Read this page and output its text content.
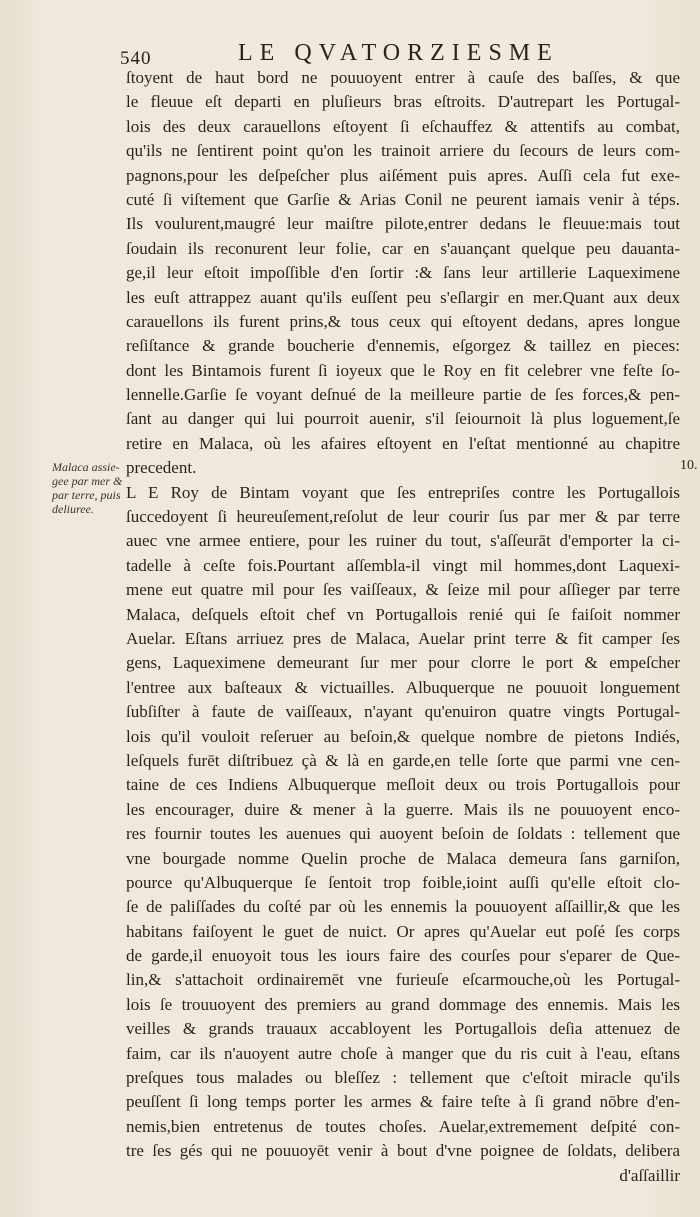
540	LE QVATORZIESME
Malaca assie-
gee par mer &
par terre, puis
deliuree.
10.
ſtoyent de haut bord ne pouuoyent entrer à cauſe des baſſes, & que
le fleuue eſt departi en pluſieurs bras eſtroits. D'autrepart les Portugal-
lois des deux carauellons eſtoyent ſi eſchauffez & attentifs au combat,
qu'ils ne ſentirent point qu'on les trainoit arriere du ſecours de leurs com-
pagnons,pour les deſpeſcher plus aiſément puis apres. Auſſi cela fut exe-
cuté ſi viſtement que Garſie & Arias Conil ne peurent iamais venir à téps.
Ils voulurent,maugré leur maiſtre pilote,entrer dedans le fleuue:mais tout
ſoudain ils reconurent leur folie, car en s'auançant quelque peu dauanta-
ge,il leur eſtoit impoſſible d'en ſortir :& ſans leur artillerie Laqueximene
les euſt attrappez auant qu'ils euſſent peu s'eſlargir en mer.Quant aux deux
carauellons ils furent prins,& tous ceux qui eſtoyent dedans, apres longue
reſiſtance & grande boucherie d'ennemis, eſgorgez & taillez en pieces:
dont les Bintamois furent ſi ioyeux que le Roy en fit celebrer vne feſte ſo-
lennelle.Garſie ſe voyant deſnué de la meilleure partie de ſes forces,& pen-
ſant au danger qui lui pourroit auenir, s'il ſeiournoit là plus loguement,ſe
retire en Malaca, où les afaires eſtoyent en l'eſtat mentionné au chapitre
precedent.
L E Roy de Bintam voyant que ſes entrepriſes contre les Portugallois
ſuccedoyent ſi heureuſement,reſolut de leur courir ſus par mer & par terre
auec vne armee entiere, pour les ruiner du tout, s'aſſeurāt d'emporter la ci-
tadelle à ceſte fois.Pourtant aſſembla-il vingt mil hommes,dont Laquexi-
mene eut quatre mil pour ſes vaiſſeaux, & ſeize mil pour aſſieger par terre
Malaca, deſquels eſtoit chef vn Portugallois renié qui ſe faiſoit nommer
Auelar. Eſtans arriuez pres de Malaca, Auelar print terre & fit camper ſes
gens, Laqueximene demeurant ſur mer pour clorre le port & empeſcher
l'entree aux baſteaux & victuailles. Albuquerque ne pouuoit longuement
ſubſiſter à faute de vaiſſeaux, n'ayant qu'enuiron quatre vingts Portugal-
lois qu'il vouloit reſeruer au beſoin,& quelque nombre de pietons Indiés,
leſquels furēt diſtribuez çà & là en garde,en telle ſorte que parmi vne cen-
taine de ces Indiens Albuquerque meſloit deux ou trois Portugallois pour
les encourager, duire & mener à la guerre. Mais ils ne pouuoyent enco-
res fournir toutes les auenues qui auoyent beſoin de ſoldats : tellement que
vne bourgade nomme Quelin proche de Malaca demeura ſans garniſon,
pource qu'Albuquerque ſe ſentoit trop foible,ioint auſſi qu'elle eſtoit clo-
ſe de paliſſades du coſté par où les ennemis la pouuoyent aſſaillir,& que les
habitans faiſoyent le guet de nuict. Or apres qu'Auelar eut poſé ſes corps
de garde,il enuoyoit tous les iours faire des courſes pour s'eparer de Que-
lin,& s'attachoit ordinairemēt vne furieuſe eſcarmouche,où les Portugal-
lois ſe trouuoyent des premiers au grand dommage des ennemis. Mais les
veilles & grands trauaux accabloyent les Portugallois deſia attenuez de
faim, car ils n'auoyent autre choſe à manger que du ris cuit à l'eau, eſtans
preſques tous malades ou bleſſez : tellement que c'eſtoit miracle qu'ils
peuſſent ſi long temps porter les armes & faire teſte à ſi grand nōbre d'en-
nemis,bien entretenus de toutes choſes. Auelar,extremement deſpité con-
tre ſes gés qui ne pouuoyēt venir à bout d'vne poignee de ſoldats, delibera
d'aſſaillir
